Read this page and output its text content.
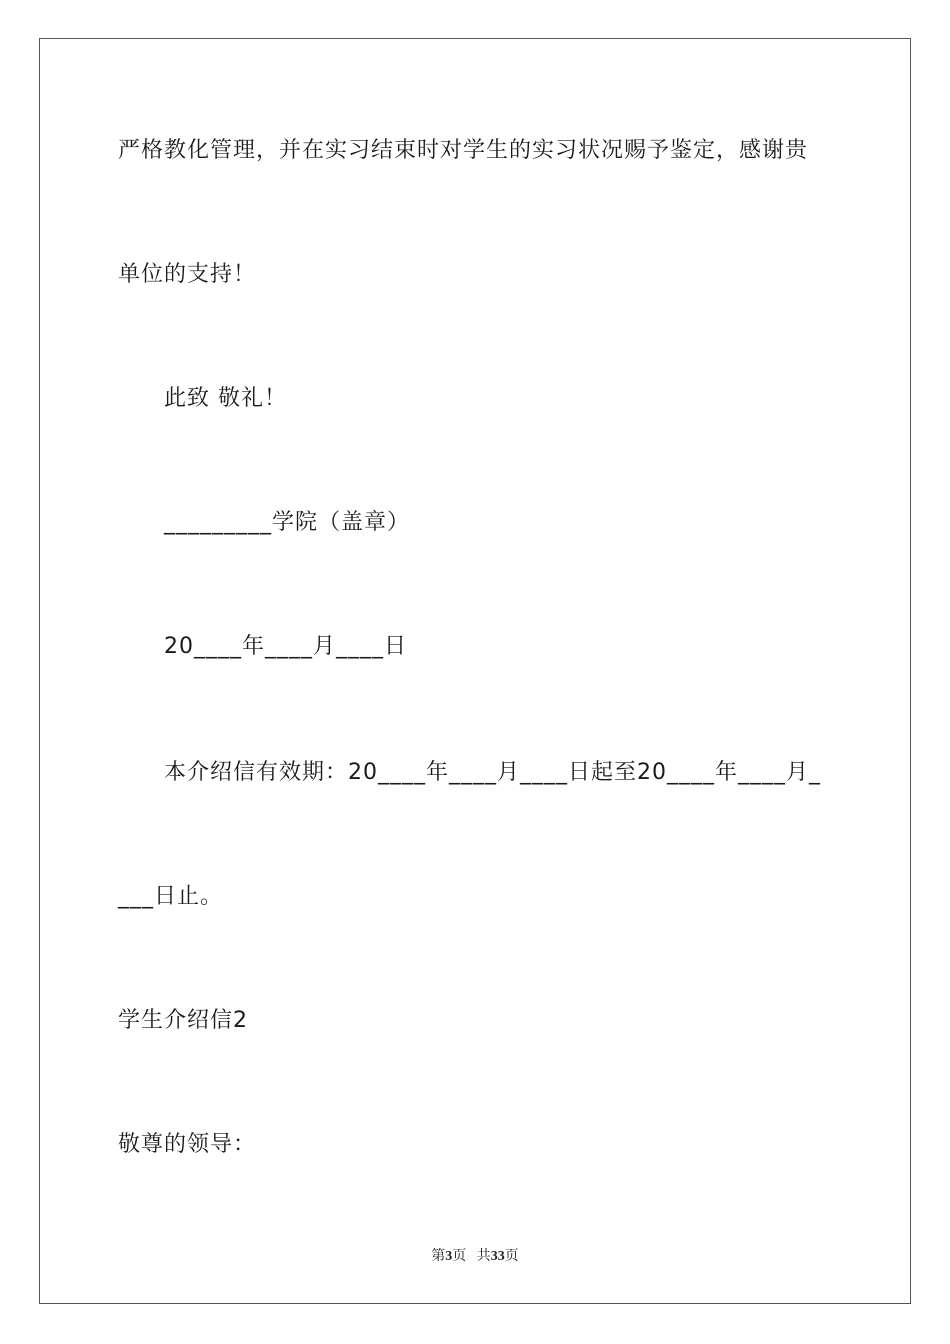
严格教化管理，并在实习结束时对学生的实习状况赐予鉴定，感谢贵
单位的支持！
此致 敬礼！
_________学院（盖章）
20____年____月____日
本介绍信有效期：20____年____月____日起至20____年____月_
___日止。
学生介绍信2
敬尊的领导：
第3页 共33页
